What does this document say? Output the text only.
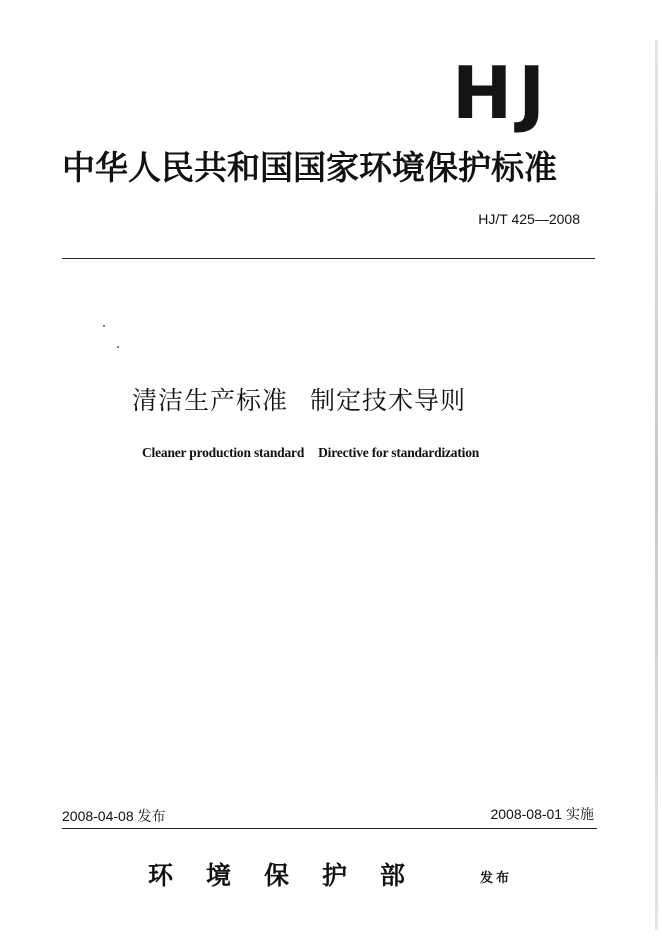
HJ
中华人民共和国国家环境保护标准
HJ/T 425—2008
清洁生产标准 制定技术导则
Cleaner production standard Directive for standardization
2008-04-08 发布	2008-08-01 实施
环境保护部	发布
